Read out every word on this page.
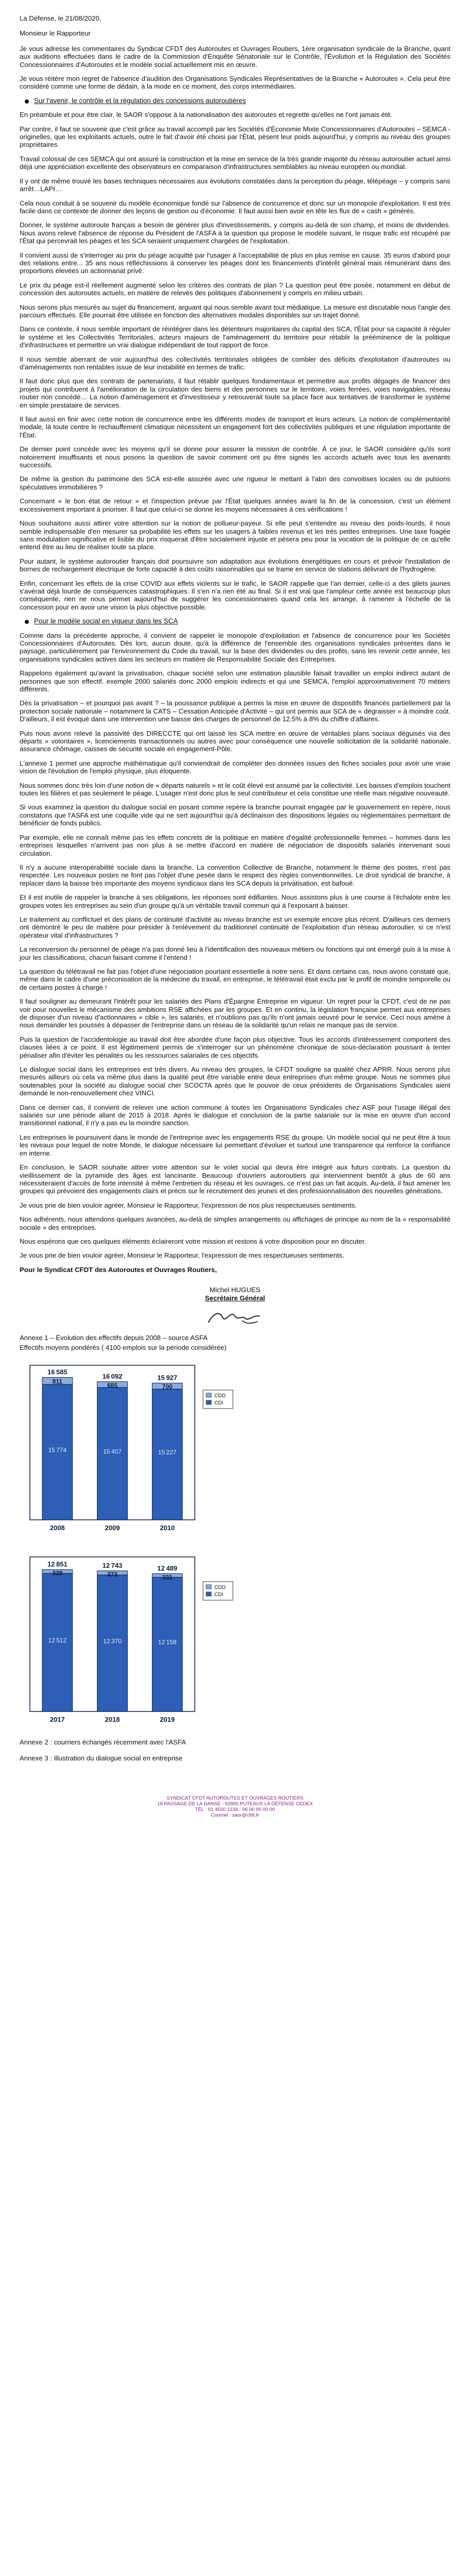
La Défense, le 21/08/2020,

Monsieur le Rapporteur

Je vous adresse les commentaires du Syndicat CFDT des Autoroutes et Ouvrages Routiers, 1ère organisation syndicale de la Branche, quant aux auditions effectuées dans le cadre de la Commission d'Enquête Sénatoriale sur le Contrôle, l'Évolution et la Régulation des Sociétés Concessionnaires d'Autoroutes et le modèle social actuellement mis en œuvre.

Je vous réitère mon regret de l'absence d'audition des Organisations Syndicales Représentatives de la Branche « Autoroutes ». Cela peut être considéré comme une forme de dédain, à la mode en ce moment, des corps intermédiaires.

Sur l'avenir, le contrôle et la régulation des concessions autoroutières

En préambule et pour être clair, le SAOR s'oppose à la nationalisation des autoroutes et regrette qu'elles ne l'ont jamais été.

Par contre, il faut se souvenir que c'est grâce au travail accompli par les Sociétés d'Économie Mixte Concessionnaires d'Autoroutes – SEMCA - originelles, que les exploitants actuels, outre le fait d'avoir été choisi par l'État, pèsent leur poids aujourd'hui, y compris au niveau des groupes propriétaires.

Travail colossal de ces SEMCA qui ont assuré la construction et la mise en service de la très grande majorité du réseau autoroutier actuel ainsi déjà une appréciation excellente des observateurs en comparaison d'infrastructures semblables au niveau européen ou mondial.

Il y ont de même trouvé les bases techniques nécessaires aux évolutions constatées dans la perception du péage, télépéage – y compris sans arrêt…LAPI…

Cela nous conduit à se souvenir du modèle économique fondé sur l'absence de concurrence et donc sur un monopole d'exploitation. Il est très facile dans ce contexte de donner des leçons de gestion ou d'économie. Il faut aussi bien avoir en tête les flux de « cash » générés.

Donner, le système autoroute français a besoin de générer plus d'investissements, y compris au-delà de son champ, et moins de dividendes. Nous avons relevé l'absence de réponse du Président de l'ASFA à la question qui propose le modèle suivant, le risque trafic est récupéré par l'État qui percevrait les péages et les SCA seraient uniquement chargées de l'exploitation.

Il convient aussi de s'interroger au prix du péage acquitté par l'usager à l'acceptabilité de plus en plus remise en cause. 35 euros d'abord pour des relations entre... 35 ans nous réfléchissions à conserver les péages dont les financements d'intérêt général mais rémunérant dans des proportions élevées un actionnariat privé.

Le prix du péage est-il réellement augmenté selon les critères des contrats de plan ? La question peut être posée, notamment en début de concession des autoroutes actuels, en matière de relevés des politiques d'abonnement y compris en milieu urbain.

Nous serons plus mesurés au sujet du financement, arguant qui nous semble avant tout médiatique. La mesure est discutable nous l'angle des parcours effectués. Elle pourrait être utilisée en fonction des alternatives modales disponibles sur un trajet donné.

Dans ce contexte, il nous semble important de réintégrer dans les détenteurs majoritaires du capital des SCA, l'État pour sa capacité à réguler le système et les Collectivités Territoriales, acteurs majeurs de l'aménagement du territoire pour rétablir la prééminence de la politique d'infrastructures et permettre un vrai dialogue indépendant de tout rapport de force.

Il nous semble aberrant de voir aujourd'hui des collectivités territoriales obligées de combler des déficits d'exploitation d'autoroutes ou d'aménagements non rentables issue de leur instabilité en termes de trafic.

Il faut donc plus que des contrats de partenariats, il faut rétablir quelques fondamentaux et permettre aux profits dégagés de financer des projets qui contribuent à l'amélioration de la circulation des biens et des personnes sur le territoire, voies ferrées, voies navigables, réseau routier non concédé… La notion d'aménagement et d'investisseur y retrouverait toute sa place face aux tentatives de transformer le système en simple prestataire de services.

Il faut aussi en finir avec cette notion de concurrence entre les différents modes de transport et leurs acteurs. La notion de complémentarité modale, là toute centre le rechauffement climatique nécessitent un engagement fort des collectivités publiques et une régulation importante de l'État.

De dernier point concède avec les moyens qu'il se donne pour assurer la mission de contrôle. À ce jour, le SAOR considère qu'ils sont notoirement insuffisants et nous posons la question de savoir comment ont pu être signés les accords actuels avec tous les avenants successifs.

De même la gestion du patrimoine des SCA est-elle assurée avec une rigueur le mettant à l'abri des convoitises locales ou de pulsions spéculatives immobilières ?

Concernant « le bon état de retour » et l'inspection prévue par l'État quelques années avant la fin de la concession, c'est un élément excessivement important à prioriser. Il faut que celui-ci se donne les moyens nécessaires à ces vérifications !

Nous souhaitons aussi attirer votre attention sur la notion de pollueur-payeur. Si elle peut s'entendre au niveau des poids-lourds, il nous semble indispensable d'en mesurer sa probabilité les effets sur les usagers à faibles revenus et les très petites entreprises. Une taxe foagée sans modulation significative et lisible du prix risquerait d'être socialement injuste et pèsera peu pour la vocation de la politique de ce qu'elle entend être au lieu de réaliser toute sa place.

Pour autant, le système autoroutier français doit poursuivre son adaptation aux évolutions énergétiques en cours et prévoir l'installation de bornes de rechargement électrique de forte capacité à des coûts raisonnables qui se trame en service de stations délivrant de l'hydrogène.

Enfin, concernant les effets de la crise COVID aux effets violents sur le trafic, le SAOR rappelle que l'an dernier, celle-ci a des gilets jaunes s'avérait déjà lourde de conséquences catastrophiques. Il s'en n'a rien été au final. Si il est vrai que l'ampleur cette année est beaucoup plus conséquente, rien ne nous permet aujourd'hui de suggérer les concessionnaires quand cela les arrange, à ramener à l'échelle de la concession pour en avoir une vision la plus objective possible.

Pour le modèle social en vigueur dans les SCA

Comme dans la précédente approche, il convient de rappeler le monopole d'exploitation et l'absence de concurrence pour les Sociétés Concessionnaires d'Autoroutes. Dès lors, aucun doute, qu'à la différence de l'ensemble des organisations syndicales présentes dans le paysage, particulièrement par l'environnement du Code du travail, sur la base des dividendes ou des profits, sans les revenir cette année, les organisations syndicales actives dans les secteurs en matière de Responsabilité Sociale des Entreprises.

Rappelons également qu'avant la privatisation, chaque société selon une estimation plausible faisait travailler un emploi indirect autant de personnes que son effectif. exemple 2000 salariés donc 2000 emplois indirects et qui une SEMCA, l'emploi approximativement 70 métiers différents.

Dès la privatisation – et pourquoi pas avant ? – la poussance publique a permis la mise en œuvre de dispositifs financés partiellement par la protection sociale nationale – notamment la CATS – Cessation Anticipée d'Activité – qui ont permis aux SCA de « dégraisser » à moindre coût. D'ailleurs, il est évoqué dans une intervention une baisse des charges de personnel de 12.5% à 8% du chiffre d'affaires.

Puis nous avons relevé la passivité des DIRECCTE qui ont laissé les SCA mettre en œuvre de véritables plans sociaux déguisés via des départs « volontaires », licenciements transactionnels ou autres avec pour conséquence une nouvelle sollicitation de la solidarité nationale, assurance chômage, caisses de sécurité sociale en engagement-Pôle.

L'annexe 1 permet une approche mathématique qu'il conviendrait de compléter des données issues des fiches sociales pour avoir une vraie vision de l'évolution de l'emploi physique, plus éloquente.

Nous sommes donc très loin d'une notion de « départs naturels » et le coût élevé est assumé par la collectivité. Les baisses d'emplois touchent toutes les filières et pas seulement le péage. L'usager n'est donc plus le seul contributeur et cela constitue une réelle mais négative nouveauté.

Si vous examinez la question du dialogue social en posant comme repère la branche pourrait engagée par le gouvernement en repère, nous constatons que l'ASFA est une coquille vide qui ne sert aujourd'hui qu'à déclinaison des dispositions légales ou réglementaires permettant de bénéficier de fonds publics.

Par exemple, elle ne connaît même pas les effets concrets de la politique en matière d'égalité professionnelle femmes – hommes dans les entreprises lesquelles n'arrivent pas non plus à se mettre d'accord en matière de négociation de dispositifs salariés intervenant sous circulation.

Il n'y a aucune interopérabilité sociale dans la branche. La convention Collective de Branche, notamment le thème des postes, n'est pas respectée. Les nouveaux postes ne font pas l'objet d'une pesée dans le respect des règles conventionnelles. Le droit syndical de branche, à replacer dans la baisse très importante des moyens syndicaux dans les SCA depuis la privatisation, est bafoué.

Et il est inutile de rappeler la branche à ses obligations, les réponses sont édifiantes. Nous assistons plus à une course à l'échalote entre les groupes votes les entreprises au sein d'un groupe qu'à un véritable travail commun qui à l'exposant à baisser.

Le traitement au conflictuel et des plans de continuité d'activité au niveau branche est un exemple encore plus récent. D'ailleurs ces derniers ont démontré le peu de matière pour présider à l'enlèvement du traditionnel continuité de l'exploitation d'un réseau autoroutier, si ce n'est opérateur vital d'infrastructures ?

La reconversion du personnel de péage n'a pas donné lieu à l'identification des nouveaux métiers ou fonctions qui ont émergé puis à la mise à jour les classifications, chacun faisant comme il l'entend !

La question du télétravail ne fait pas l'objet d'une négociation pourtant essentielle à notre sens. Et dans certains cas, nous avons constaté que, même dans le cadre d'une préconisation de la médecine du travail, en entreprise, le télétravail était exclu par le profil de moindre temporelle ou de certains postes à charge !

Il faut souligner au demeurant l'intérêt pour les salariés des Plans d'Épargne Entreprise en vigueur. Un regret pour la CFDT, c'est de ne pas voir pour nouvelles le mécanisme des ambitions RSE affichées par les groupes. Et en continu, la législation française permet aux entreprises de disposer d'un niveau d'actionnaires « cible », les salariés, et n'oublions pas qu'ils n'ont jamais oeuvré pour le service. Ceci nous amène à nous demander les poussés à dépasser de l'entreprise dans un réseau de la solidarité qu'un relais ne manque pas de service.

Puis la question de l'accidentologie au travail doit être abordée d'une façon plus objective. Tous les accords d'intéressement comportent des clauses liées à ce point. Il est légitimement permis de s'interroger sur un phénomène chronique de sous-déclaration poussant à tenter pénaliser afin d'éviter les pénalités ou les ressources salariales de ces objectifs.

Le dialogue social dans les entreprises est très divers. Au niveau des groupes, la CFDT souligne sa qualité chez APRR. Nous serons plus mesurés ailleurs où cela va même plus dans la qualité peut être variable entre deux entreprises d'un même groupe. Nous ne sommes plus soutenables pour la société au dialogue social cher SCOCTA après que le pouvoir de ceux présidents de Organisations Syndicales aient demandé le non-renouvellement chez VINCI.

Dans ce dernier cas, il convient de relever une action commune à toutes les Organisations Syndicales chez ASF pour l'usage illégal des salariés sur une période allant de 2015 à 2018. Après le dialogue et conclusion de la partie salariale sur la mise en œuvre d'un accord transitionnel national, il n'y a pas eu la moindre sanction.

Les entreprises le poursuivent dans le monde de l'entreprise avec les engagements RSE du groupe. Un modèle social qui ne peut être à tous les niveaux pour lequel de notre Monde, le dialogue nécessaire lui permettant d'évoluer et surtout une transparence qui renforce la confiance en interne.

En conclusion, le SAOR souhaite attirer votre attention sur le volet social qui devra être intégré aux futurs contrats. La question du vieillissement de la pyramide des âges est lancinante. Beaucoup d'ouvriers autoroutiers qui interviennent bientôt à plus de 60 ans nécessiteraient d'accès de forte intensité à même l'entretien du réseau et les ouvrages, ce n'est pas un fait acquis. Au-delà, il faut amener les groupes qui prévoient des engagements clairs et précis sur le recrutement des jeunes et des professionnalisation des nouvelles générations.

Je vous prie de bien vouloir agréer, Monsieur le Rapporteur, l'expression de nos plus respectueuses sentiments.

Nos adhérents, nous attendons quelques avancées, au-delà de simples arrangements ou affichages de principe au nom de la « responsabilité sociale » des entreprises.

Nous espérons que ces quelques éléments éclaireront votre mission et restons à votre disposition pour en discuter.

Je vous prie de bien vouloir agréer, Monsieur le Rapporteur, l'expression de mes respectueuses sentiments.

Pour le Syndicat CFDT des Autoroutes et Ouvrages Routiers,

Michel HUGUES
Secrétaire Général

Annexe 1 – Évolution des effectifs depuis 2008 – source ASFA

Effectifs moyens pondérés ( 4100 emplois sur la période considérée)

16 585
811
15 774
2008
16 092
685
15 407
2009
15 927
700
15 227
2010
CDD
CDI
12 851
339
12 512
2017
12 743
373
12 370
2018
12 489
331
12 158
2019
CDD
CDI

Annexe 2 : courriers échangés récemment avec l'ASFA

Annexe 3 : illustration du dialogue social en entreprise

SYNDICAT CFDT AUTOROUTES ET OUVRAGES ROUTIERS
18 PASSAGE DE LA DANSE - 92800 PUTEAUX LA DÉFENSE CEDEX
TÉL : 01 4500 1234 - 06 00 00 00 00
Courriel : saor@cfdt.fr
